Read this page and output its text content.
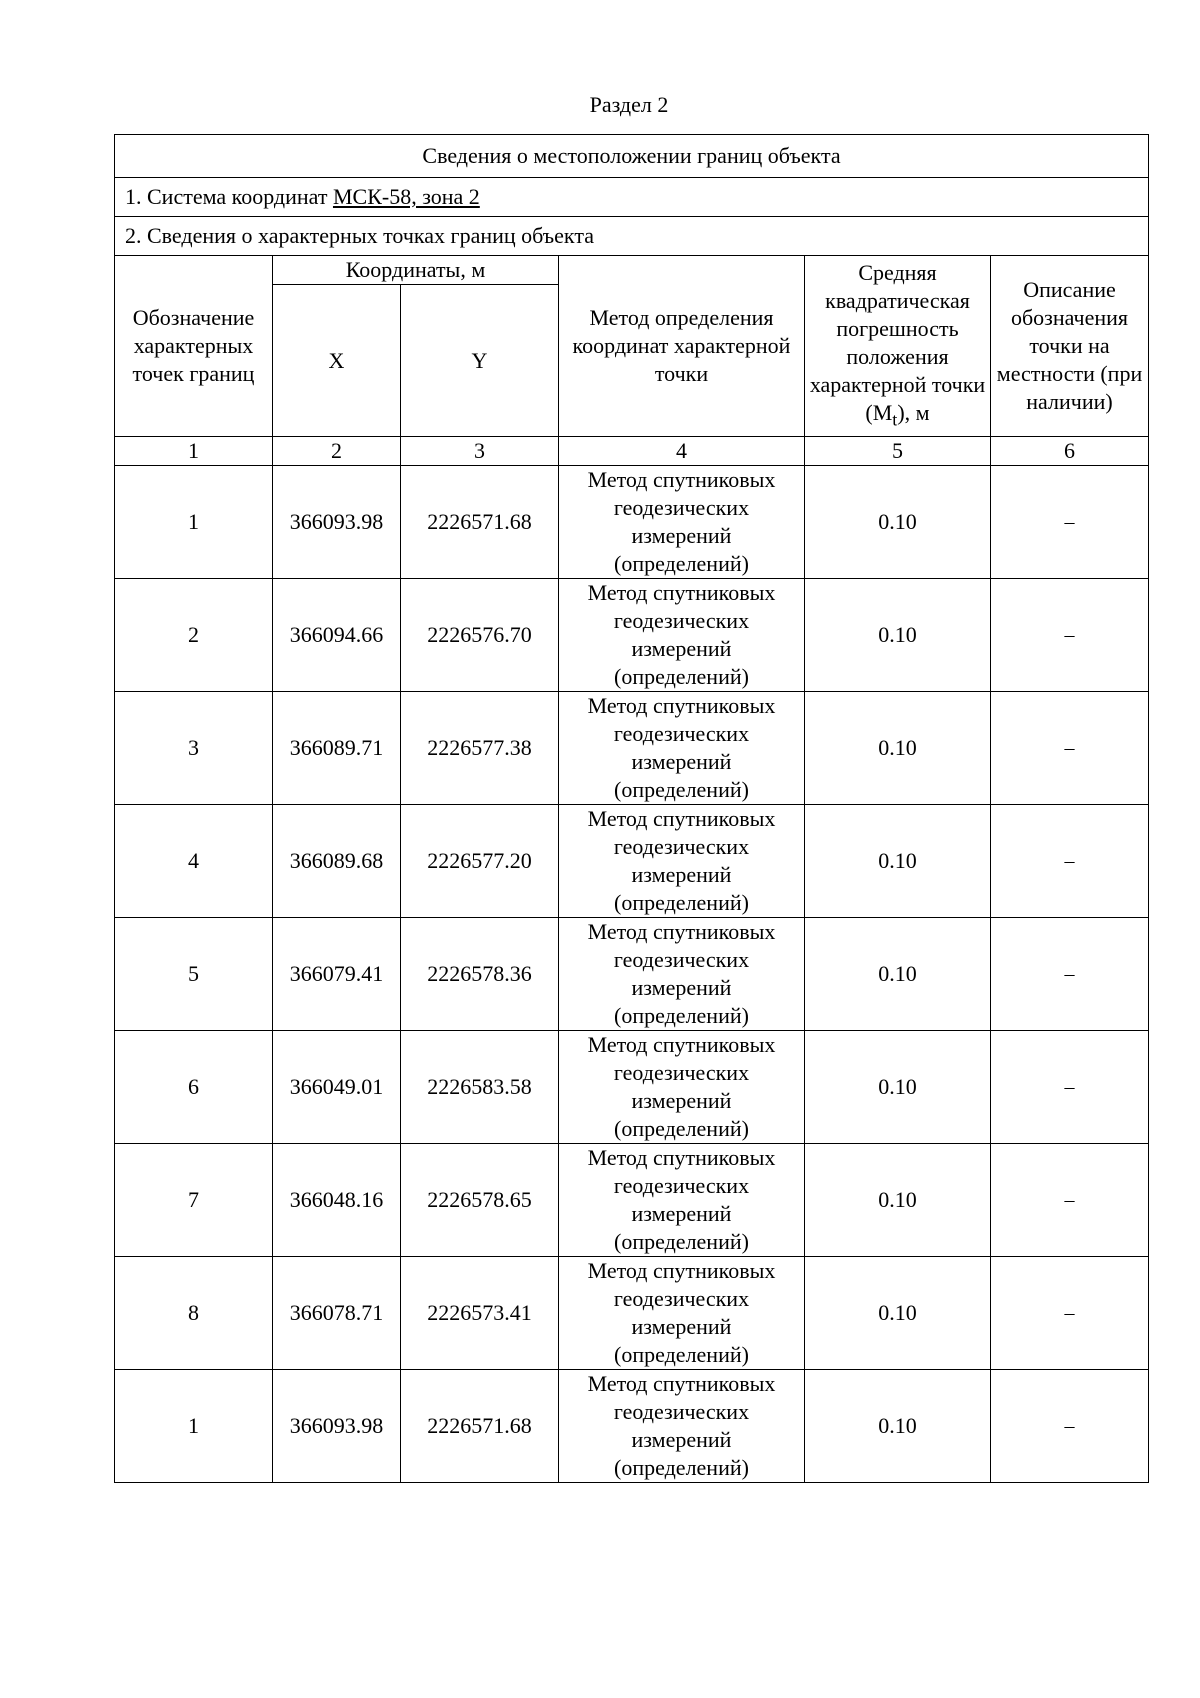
Раздел 2
Сведения о местоположении границ объекта					
1. Система координат МСК-58, зона 2					
2. Сведения о характерных точках границ объекта					
Обозначение характерных точек границ	Координаты, м		Метод определения координат характерной точки	Средняя квадратическая погрешность положения характерной точки $(M_t)$, м	Описание обозначения точки на местности (при наличии)
	X	Y			
1	2	3	4	5	6
1	366093.98	2226571.68	Метод спутниковых геодезических измерений (определений)	0.10	–
2	366094.66	2226576.70	Метод спутниковых геодезических измерений (определений)	0.10	–
3	366089.71	2226577.38	Метод спутниковых геодезических измерений (определений)	0.10	–
4	366089.68	2226577.20	Метод спутниковых геодезических измерений (определений)	0.10	–
5	366079.41	2226578.36	Метод спутниковых геодезических измерений (определений)	0.10	–
6	366049.01	2226583.58	Метод спутниковых геодезических измерений (определений)	0.10	–
7	366048.16	2226578.65	Метод спутниковых геодезических измерений (определений)	0.10	–
8	366078.71	2226573.41	Метод спутниковых геодезических измерений (определений)	0.10	–
1	366093.98	2226571.68	Метод спутниковых геодезических измерений (определений)	0.10	–
